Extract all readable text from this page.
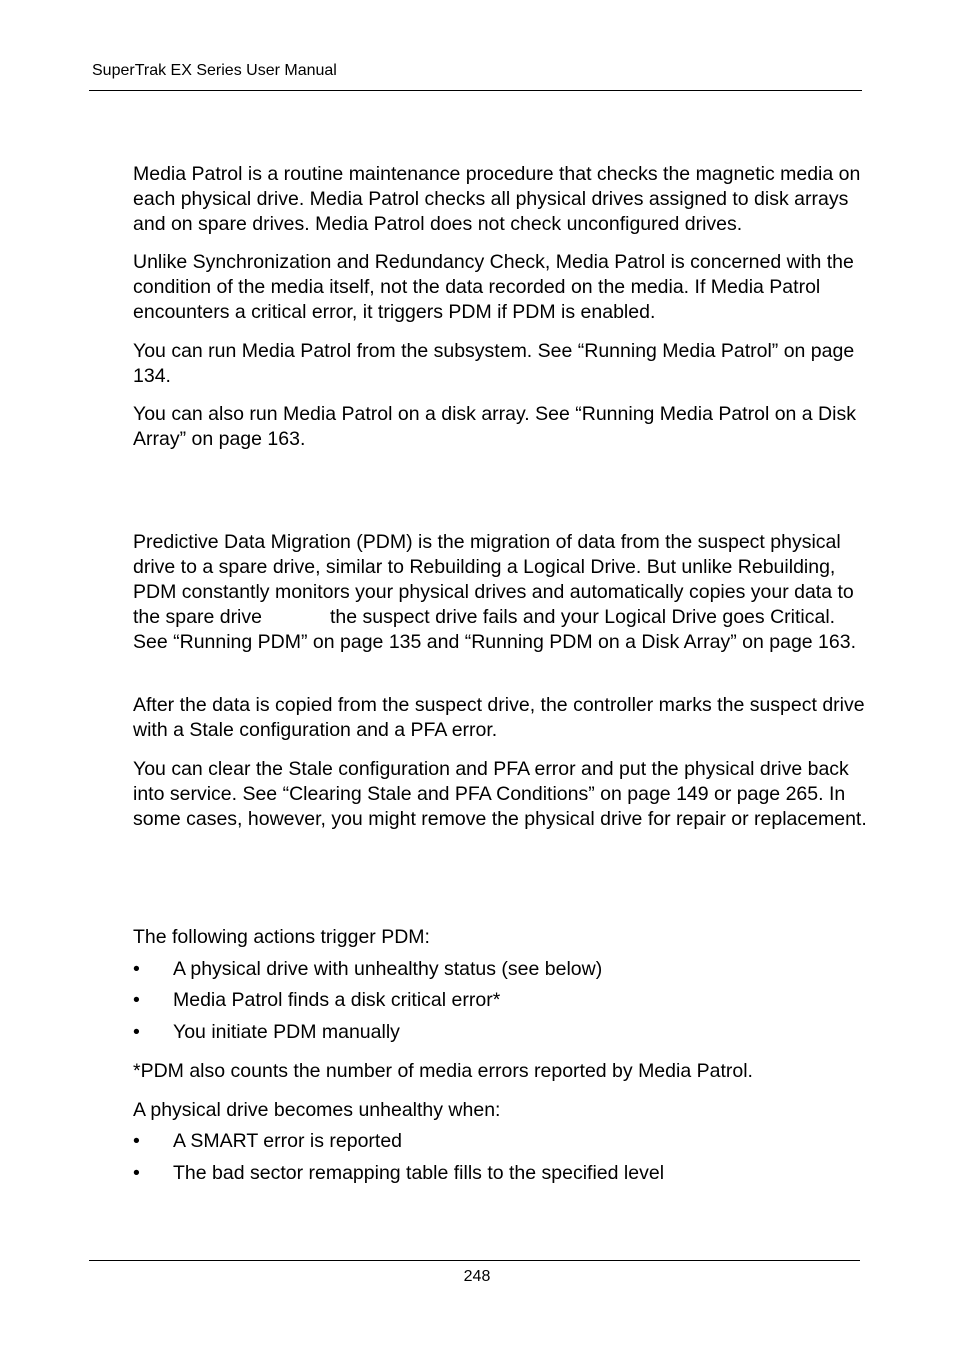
SuperTrak EX Series User Manual

Media Patrol is a routine maintenance procedure that checks the magnetic media on each physical drive. Media Patrol checks all physical drives assigned to disk arrays and on spare drives. Media Patrol does not check unconfigured drives.

Unlike Synchronization and Redundancy Check, Media Patrol is concerned with the condition of the media itself, not the data recorded on the media. If Media Patrol encounters a critical error, it triggers PDM if PDM is enabled.

You can run Media Patrol from the subsystem. See “Running Media Patrol” on page 134.

You can also run Media Patrol on a disk array. See “Running Media Patrol on a Disk Array” on page 163.

Predictive Data Migration (PDM) is the migration of data from the suspect physical drive to a spare drive, similar to Rebuilding a Logical Drive. But unlike Rebuilding, PDM constantly monitors your physical drives and automatically copies your data to the spare drive	the suspect drive fails and your Logical Drive goes Critical. See “Running PDM” on page 135 and “Running PDM on a Disk Array” on page 163.

After the data is copied from the suspect drive, the controller marks the suspect drive with a Stale configuration and a PFA error.

You can clear the Stale configuration and PFA error and put the physical drive back into service. See “Clearing Stale and PFA Conditions” on page 149 or page 265. In some cases, however, you might remove the physical drive for repair or replacement.

The following actions trigger PDM:

• A physical drive with unhealthy status (see below)
• Media Patrol finds a disk critical error*
• You initiate PDM manually

*PDM also counts the number of media errors reported by Media Patrol.

A physical drive becomes unhealthy when:

• A SMART error is reported
• The bad sector remapping table fills to the specified level
248
